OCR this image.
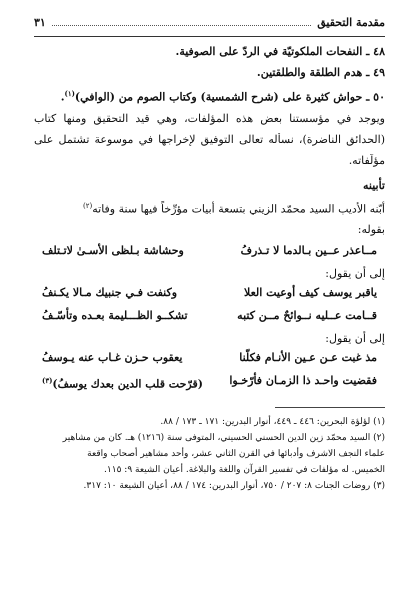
مقدمة التحقيق
٣١
٤٨ ـ النفحات الملكوتيّة في الردّ على الصوفية.
٤٩ ـ هدم الطلقة والطلقتين.
٥٠ ـ حواشٍ كثيرة على (شرح الشمسية) وكتاب الصوم من (الوافي)$^{(١)}$.
ويوجد في مؤسستنا بعض هذه المؤلفات، وهي قيد التحقيق ومنها كتاب
(الحدائق الناضرة)، نسأله تعالى التوفيق لإخراجها في موسوعة تشتمل على
مؤلّفاته.
تأبينه
أبّنه الأديب السيد محمّد الزيني بتسعة أبيات مؤرِّخاً فيها سنة وفاته$^{(٢)}$
بقوله:
مــاعذر عــين بـالدما لا تـذرفُ
وحشاشة بـلظى الأسـىٰ لاتـتلف
إلى أن يقول:
ياقبر يوسف كيف أوعيت العلا
وكنفت فـي جنبيك مـالا يكـنفُ
قــامت عــليه نــوائحٌ مــن كتبه
تشكــو الظـــليمة بعـده وتأسّـفُ
إلى أن يقول:
مذ غبت عـن عـين الأنـام فكلّنا
يعقوب حـزن غـاب عنه يـوسفُ
فقضيت واحـد ذا الزمـان فأرّخـوا
(قرّحت قلب الدين بعدك يوسفُ)$^{(٣)}$
(١) لؤلؤة البحرين: ٤٤٦ ـ ٤٤٩، أنوار البدرين: ١٧١ ـ ١٧٣ / ٨٨.
(٢) السيد محمّد زين الدين الحسني الحسيني، المتوفى سنة (١٢١٦) هـ. كان من مشاهير
علماء النجف الاشرف وأدبائها في القرن الثاني عشر، وأحد مشاهير أصحاب واقعة
الخميس. له مؤلفات في تفسير القرآن واللغة والبلاغة. أعيان الشيعة ٩: ١١٥.
(٣) روضات الجنات ٨: ٢٠٧ / ٧٥٠، أنوار البدرين: ١٧٤ / ٨٨، أعيان الشيعة ١٠: ٣١٧.
